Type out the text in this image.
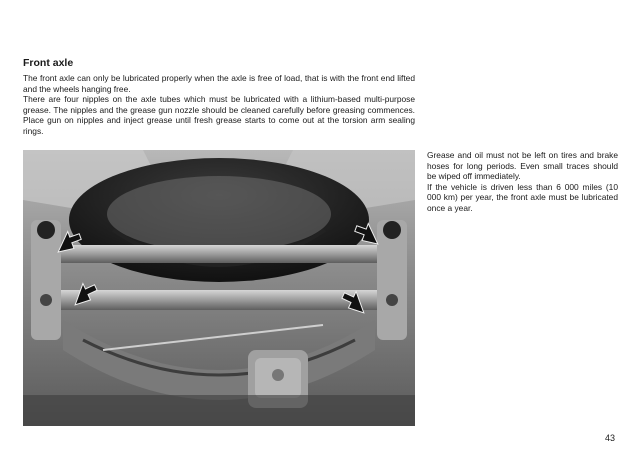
Front axle

The front axle can only be lubricated properly when the axle is free of load, that is with the front end lifted and the wheels hanging free.

There are four nipples on the axle tubes which must be lubricated with a lithium-based multi-purpose grease. The nipples and the grease gun nozzle should be cleaned carefully before greasing commences. Place gun on nipples and inject grease until fresh grease starts to come out at the torsion arm sealing rings.

Grease and oil must not be left on tires and brake hoses for long periods. Even small traces should be wiped off immediately.

If the vehicle is driven less than 6 000 miles (10 000 km) per year, the front axle must be lubricated once a year.

43
